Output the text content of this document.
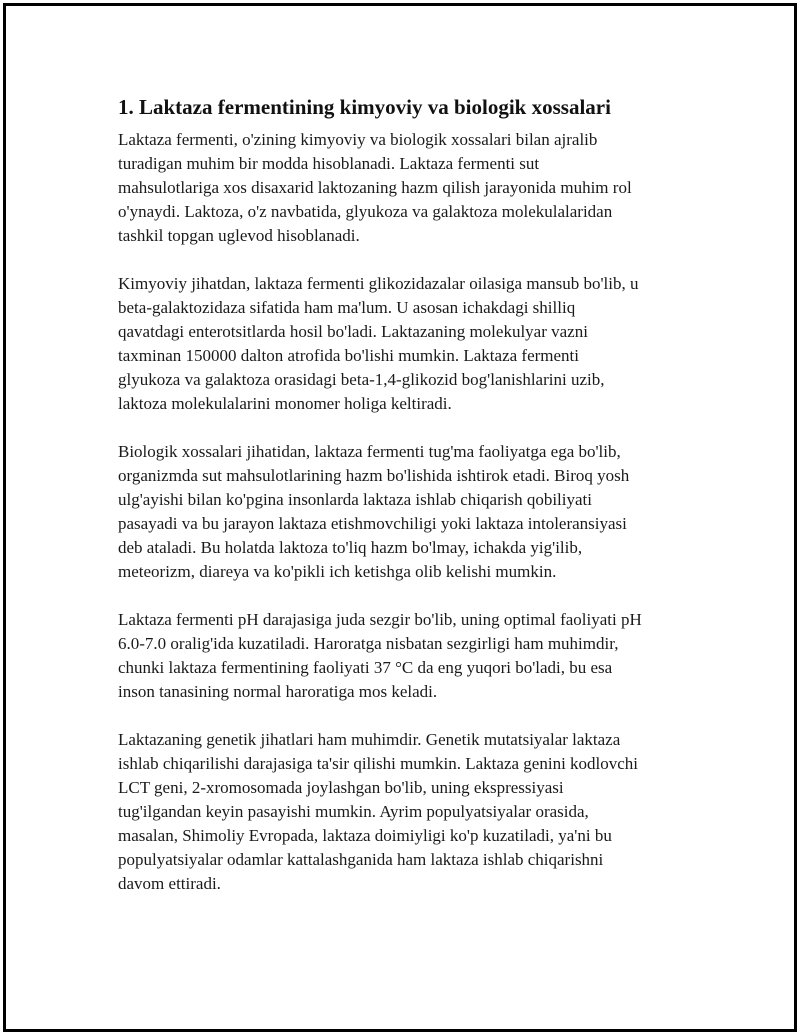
1. Laktaza fermentining kimyoviy va biologik xossalari
Laktaza fermenti, o'zining kimyoviy va biologik xossalari bilan ajralib
turadigan muhim bir modda hisoblanadi. Laktaza fermenti sut
mahsulotlariga xos disaxarid laktozaning hazm qilish jarayonida muhim rol
o'ynaydi. Laktoza, o'z navbatida, glyukoza va galaktoza molekulalaridan
tashkil topgan uglevod hisoblanadi.
Kimyoviy jihatdan, laktaza fermenti glikozidazalar oilasiga mansub bo'lib, u
beta-galaktozidaza sifatida ham ma'lum. U asosan ichakdagi shilliq
qavatdagi enterotsitlarda hosil bo'ladi. Laktazaning molekulyar vazni
taxminan 150000 dalton atrofida bo'lishi mumkin. Laktaza fermenti
glyukoza va galaktoza orasidagi beta-1,4-glikozid bog'lanishlarini uzib,
laktoza molekulalarini monomer holiga keltiradi.
Biologik xossalari jihatidan, laktaza fermenti tug'ma faoliyatga ega bo'lib,
organizmda sut mahsulotlarining hazm bo'lishida ishtirok etadi. Biroq yosh
ulg'ayishi bilan ko'pgina insonlarda laktaza ishlab chiqarish qobiliyati
pasayadi va bu jarayon laktaza etishmovchiligi yoki laktaza intoleransiyasi
deb ataladi. Bu holatda laktoza to'liq hazm bo'lmay, ichakda yig'ilib,
meteorizm, diareya va ko'pikli ich ketishga olib kelishi mumkin.
Laktaza fermenti pH darajasiga juda sezgir bo'lib, uning optimal faoliyati pH
6.0-7.0 oralig'ida kuzatiladi. Haroratga nisbatan sezgirligi ham muhimdir,
chunki laktaza fermentining faoliyati 37 °C da eng yuqori bo'ladi, bu esa
inson tanasining normal haroratiga mos keladi.
Laktazaning genetik jihatlari ham muhimdir. Genetik mutatsiyalar laktaza
ishlab chiqarilishi darajasiga ta'sir qilishi mumkin. Laktaza genini kodlovchi
LCT geni, 2-xromosomada joylashgan bo'lib, uning ekspressiyasi
tug'ilgandan keyin pasayishi mumkin. Ayrim populyatsiyalar orasida,
masalan, Shimoliy Evropada, laktaza doimiyligi ko'p kuzatiladi, ya'ni bu
populyatsiyalar odamlar kattalashganida ham laktaza ishlab chiqarishni
davom ettiradi.
